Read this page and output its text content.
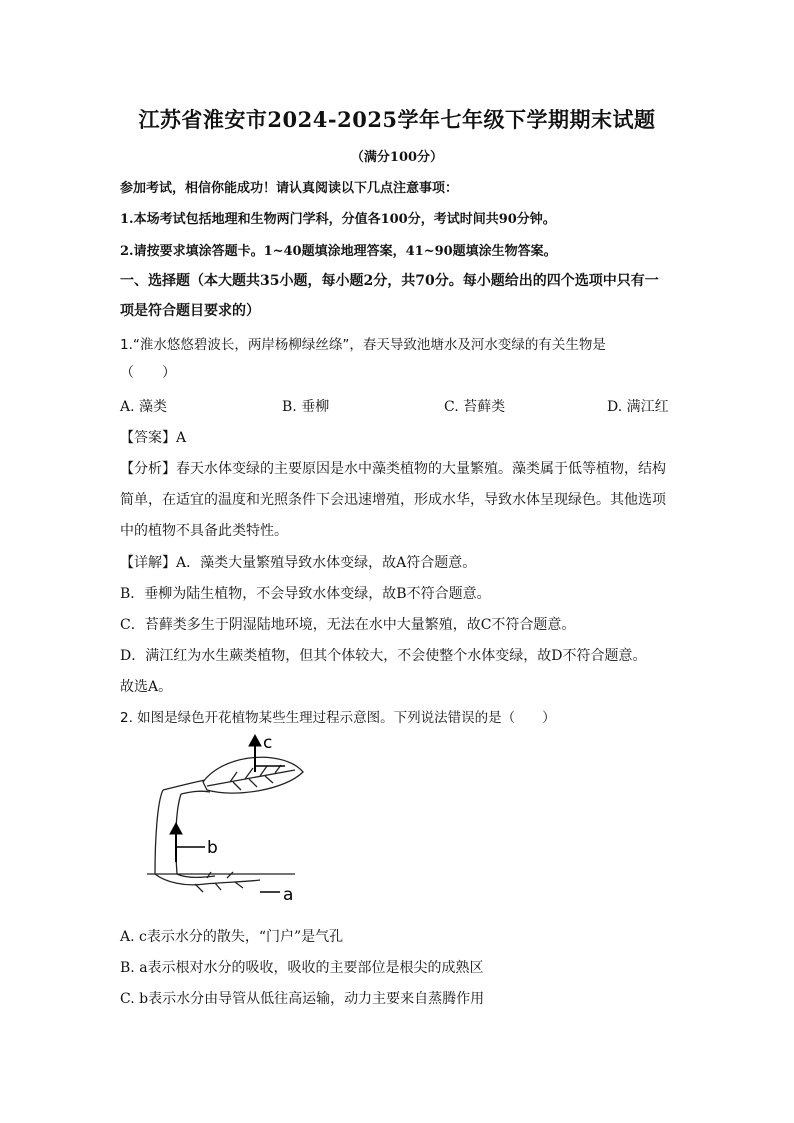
江苏省淮安市2024-2025学年七年级下学期期末试题
（满分100分）
参加考试，相信你能成功！请认真阅读以下几点注意事项：
1.本场考试包括地理和生物两门学科，分值各100分，考试时间共90分钟。
2.请按要求填涂答题卡。1~40题填涂地理答案，41~90题填涂生物答案。
一、选择题（本大题共35小题，每小题2分，共70分。每小题给出的四个选项中只有一
项是符合题目要求的）
1.“淮水悠悠碧波长，两岸杨柳绿丝绦”，春天导致池塘水及河水变绿的有关生物是
（　　）
A. 藻类	B. 垂柳	C. 苔藓类	D. 满江红
【答案】A
【分析】春天水体变绿的主要原因是水中藻类植物的大量繁殖。藻类属于低等植物，结构
简单，在适宜的温度和光照条件下会迅速增殖，形成水华，导致水体呈现绿色。其他选项
中的植物不具备此类特性。
【详解】A．藻类大量繁殖导致水体变绿，故A符合题意。
B．垂柳为陆生植物，不会导致水体变绿，故B不符合题意。
C．苔藓类多生于阴湿陆地环境，无法在水中大量繁殖，故C不符合题意。
D．满江红为水生蕨类植物，但其个体较大，不会使整个水体变绿，故D不符合题意。
故选A。
2. 如图是绿色开花植物某些生理过程示意图。下列说法错误的是（　　）
c
b
a
A. c表示水分的散失，“门户”是气孔
B. a表示根对水分的吸收，吸收的主要部位是根尖的成熟区
C. b表示水分由导管从低往高运输，动力主要来自蒸腾作用
